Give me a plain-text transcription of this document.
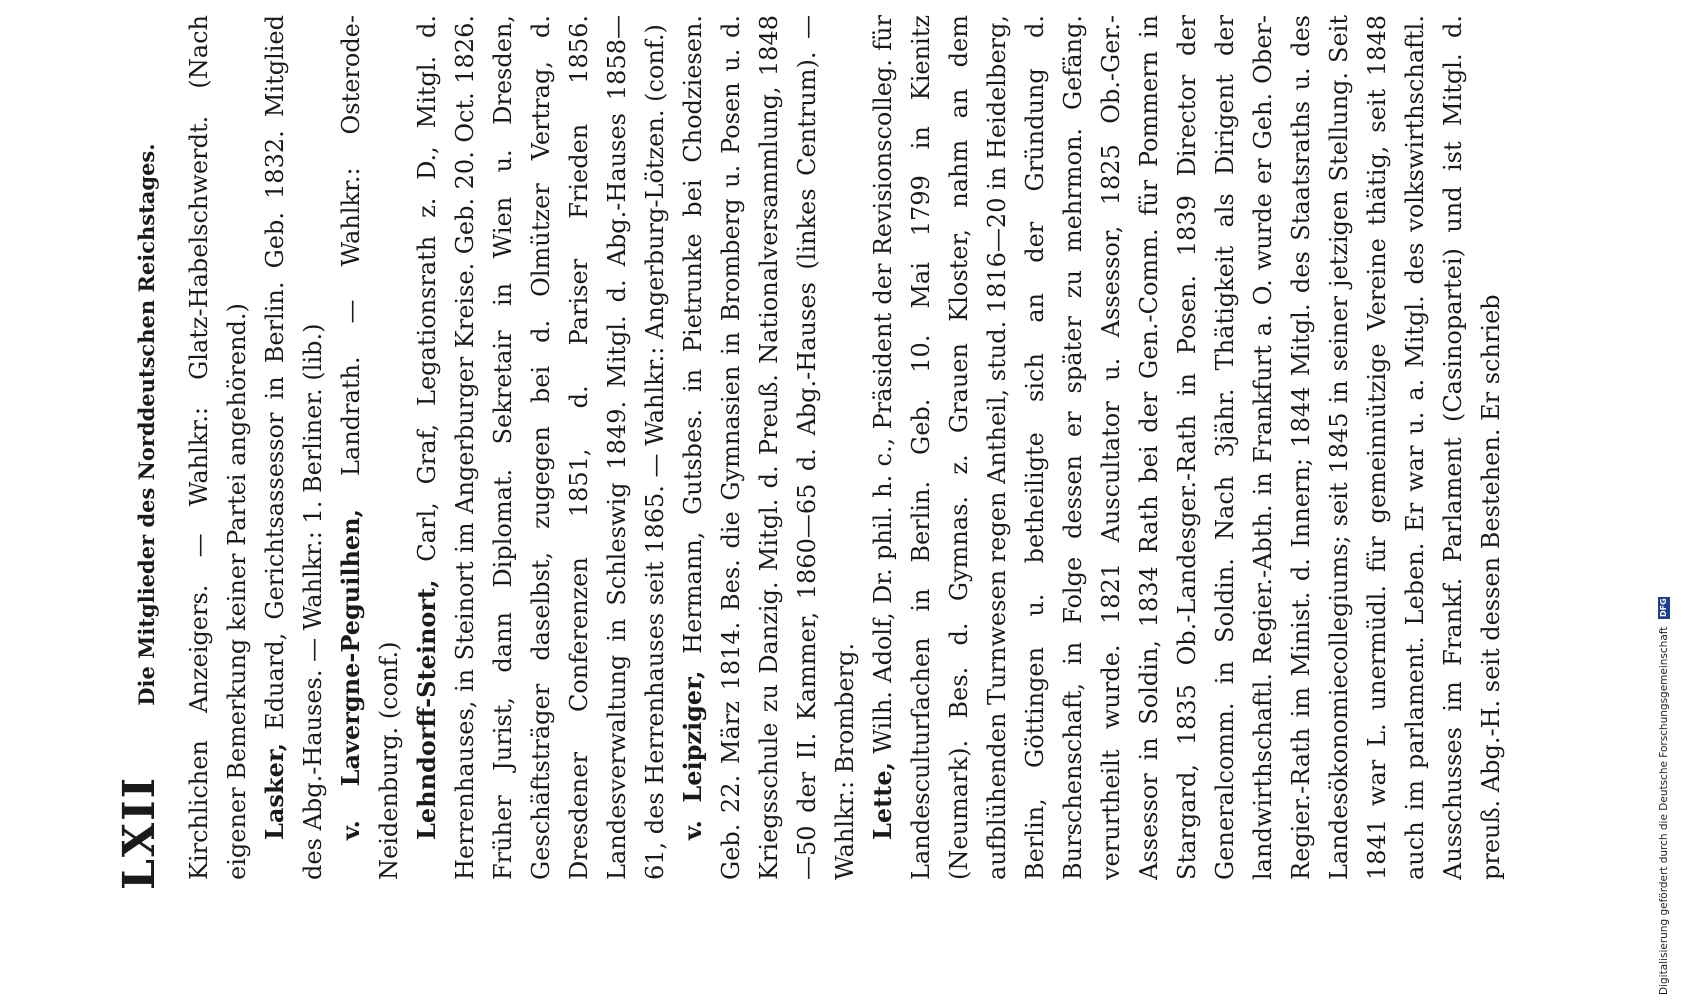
LXII
Die Mitglieder des Norddeutschen Reichstages.	Kirchlichen Anzeigers. — Wahlkr.: Glatz-Habelschwerdt. (Nach eigener Bemerkung keiner Partei angehörend.) Lasker, Eduard, Gerichtsassessor in Berlin. Geb. 1832. Mitglied des Abg.-Hauses. — Wahlkr.: 1. Berliner. (lib.) v. Lavergne-Peguilhen, Landrath. — Wahlkr.: Osterode-Neidenburg. (conf.) Lehndorff-Steinort, Carl, Graf, Legationsrath z. D., Mitgl. d. Herrenhauses, in Steinort im Angerburger Kreise. Geb. 20. Oct. 1826. Früher Jurist, dann Diplomat. Sekretair in Wien u. Dresden, Geschäftsträger daselbst, zugegen bei d. Olmützer Vertrag, d. Dresdener Conferenzen 1851, d. Pariser Frieden 1856. Landesverwaltung in Schleswig 1849. Mitgl. d. Abg.-Hauses 1858—61, des Herrenhauses seit 1865. — Wahlkr.: Angerburg-Lötzen. (conf.) v. Leipziger, Hermann, Gutsbes. in Pietrunke bei Chodziesen. Geb. 22. März 1814. Bes. die Gymnasien in Bromberg u. Posen u. d. Kriegsschule zu Danzig. Mitgl. d. Preuß. Nationalversammlung, 1848—50 der II. Kammer, 1860—65 d. Abg.-Hauses (linkes Centrum). — Wahlkr.: Bromberg. Lette, Wilh. Adolf, Dr. phil. h. c., Präsident der Revisionscolleg. für Landesculturſachen in Berlin. Geb. 10. Mai 1799 in Kienitz (Neumark). Bes. d. Gymnas. z. Grauen Kloster, nahm an dem aufblühenden Turnwesen regen Antheil, stud. 1816—20 in Heidelberg, Berlin, Göttingen u. betheiligte sich an der Gründung d. Burschenschaft, in Folge dessen er später zu mehrmon. Gefäng. verurtheilt wurde. 1821 Auscultator u. Assessor, 1825 Ob.-Ger.-Assessor in Soldin, 1834 Rath bei der Gen.-Comm. für Pommern in Stargard, 1835 Ob.-Landesger.-Rath in Posen. 1839 Director der Generalcomm. in Soldin. Nach 3jähr. Thätigkeit als Dirigent der landwirthschaftl. Regier.-Abth. in Frankfurt a. O. wurde er Geh. Ober-Regier.-Rath im Minist. d. Innern; 1844 Mitgl. des Staatsraths u. des Landesökonomiecollegiums; seit 1845 in seiner jetzigen Stellung. Seit 1841 war L. unermüdl. für gemeinnützige Vereine thätig, seit 1848 auch im parlament. Leben. Er war u. a. Mitgl. des volkswirthschaftl. Ausschusses im Frankf. Parlament (Casinopartei) und ist Mitgl. d. preuß. Abg.-H. seit dessen Bestehen. Er schrieb	Digitalisierung gefördert durch die Deutsche Forschungsgemeinschaft
DFG
